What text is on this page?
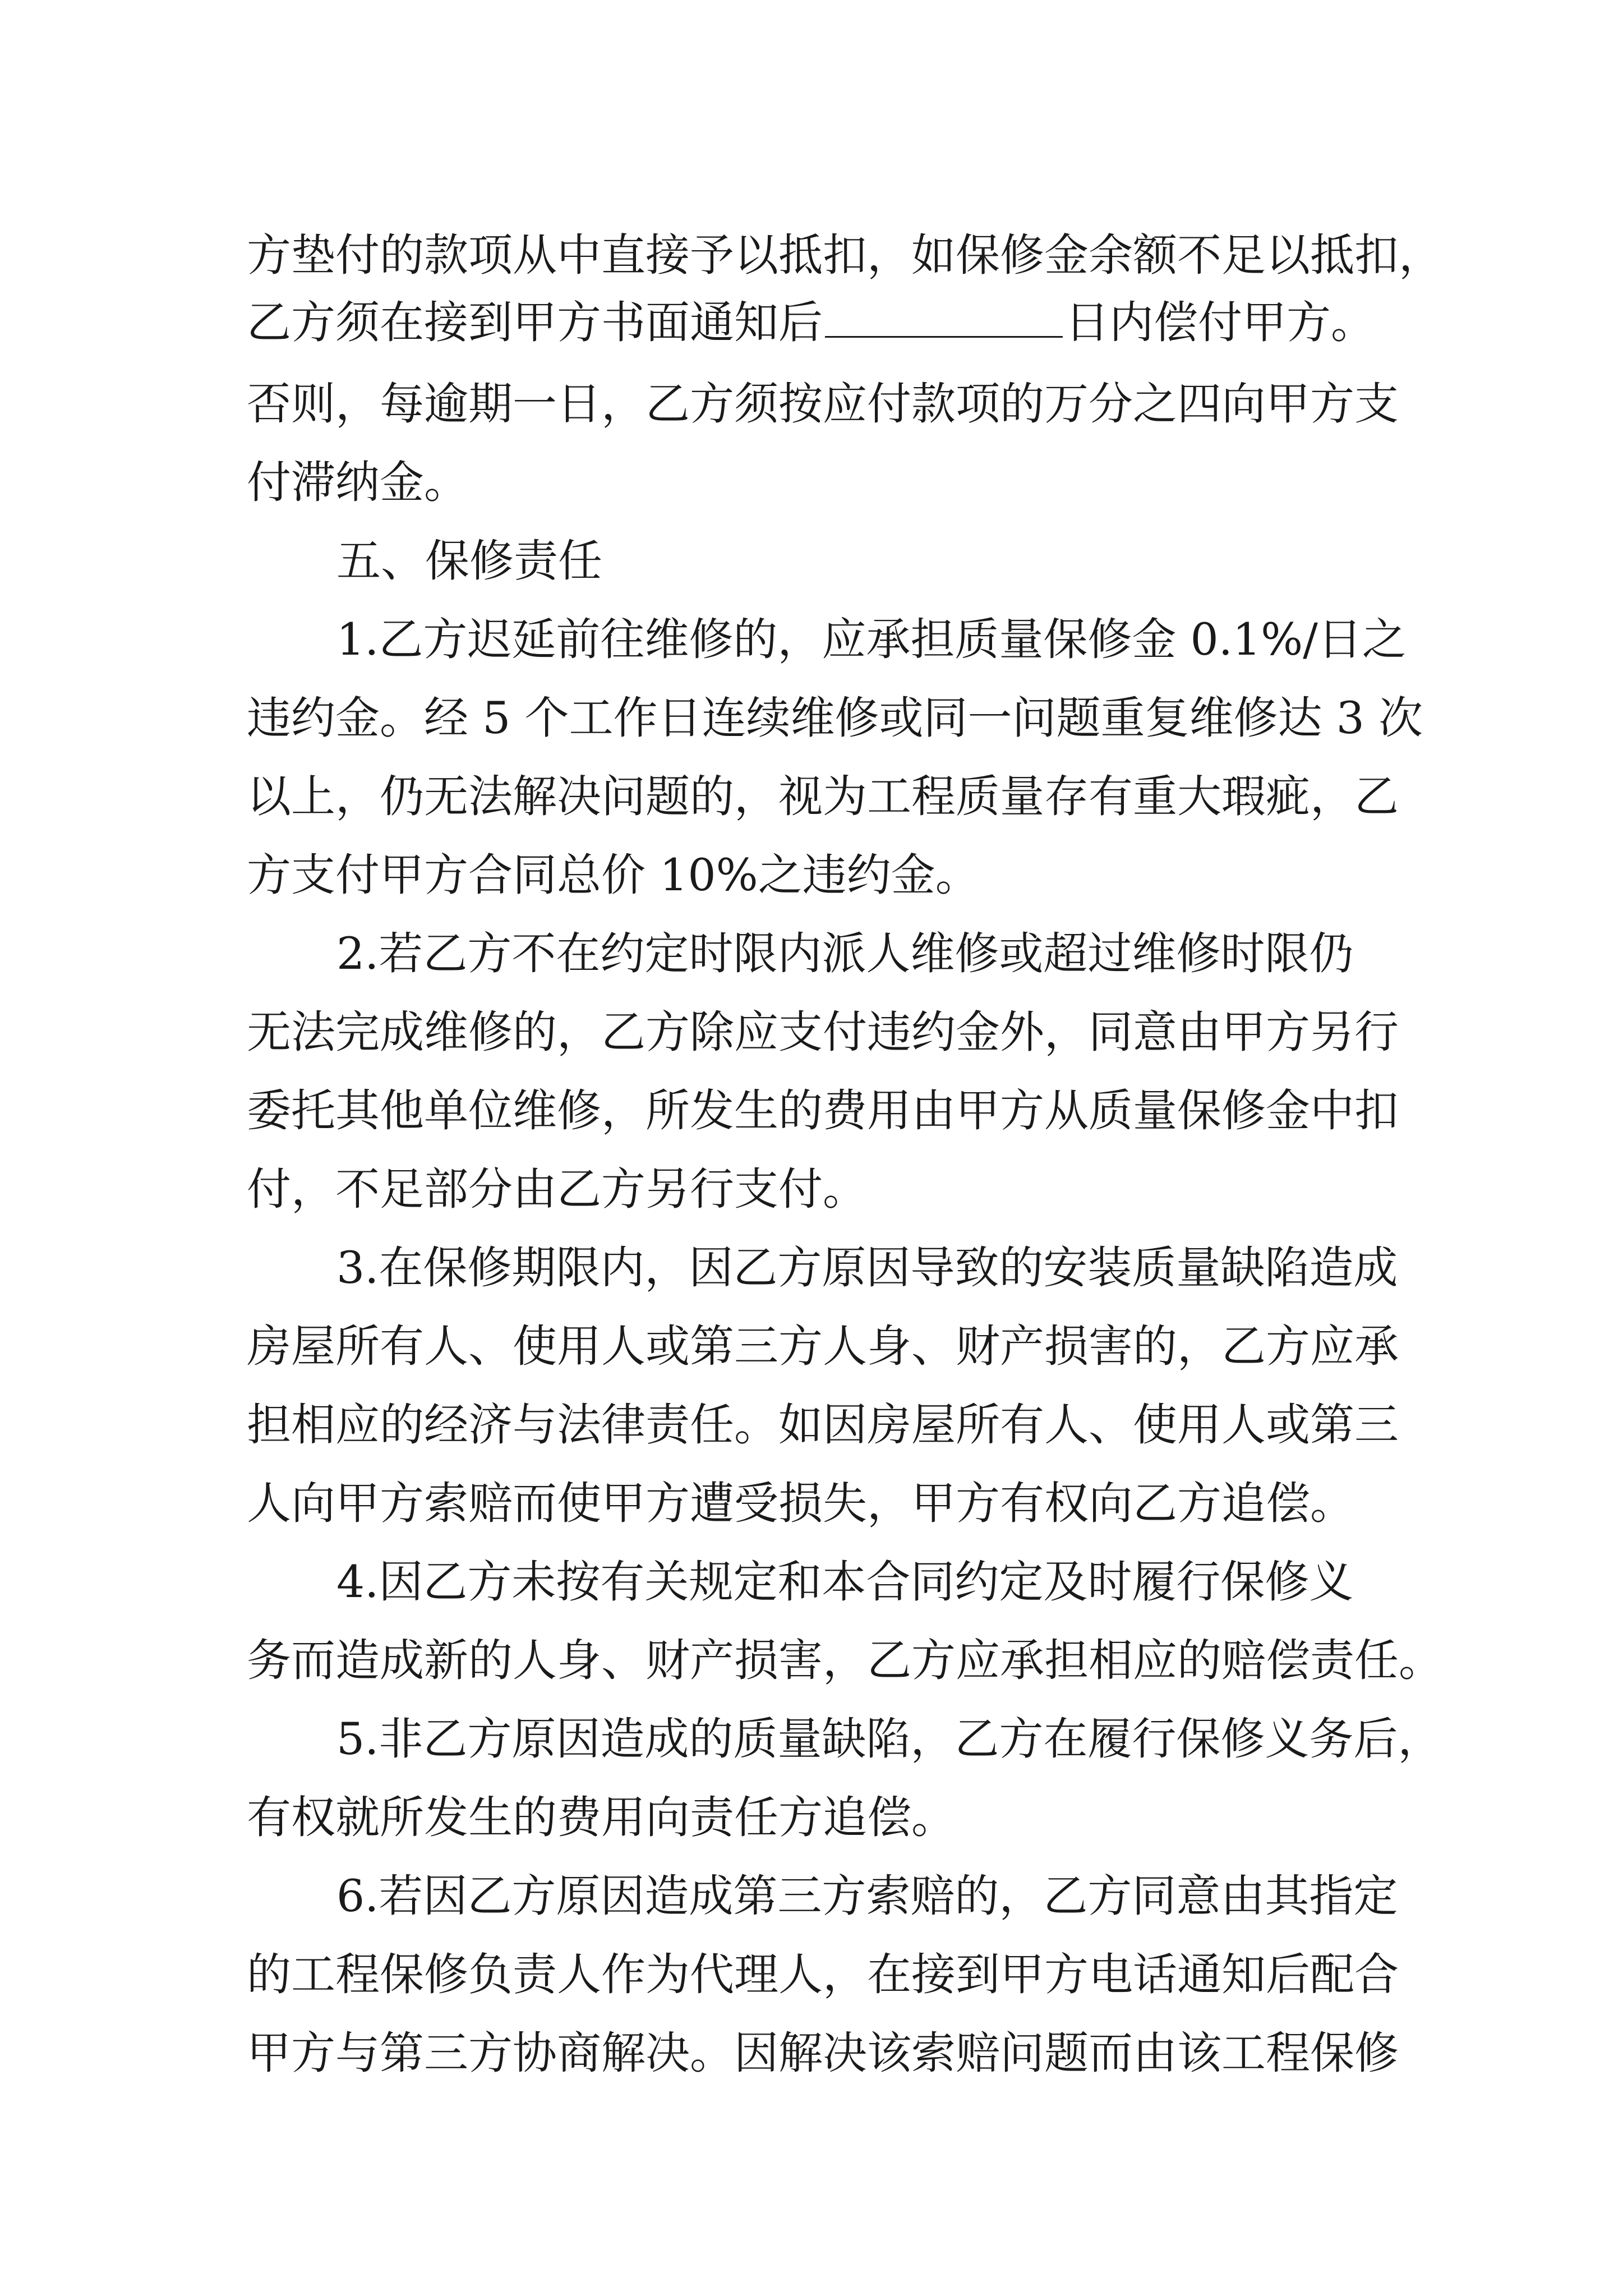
方垫付的款项从中直接予以抵扣，如保修金余额不足以抵扣，
乙方须在接到甲方书面通知后	日内偿付甲方。
否则，每逾期一日，乙方须按应付款项的万分之四向甲方支
付滞纳金。
五、保修责任
1.乙方迟延前往维修的，应承担质量保修金 0.1%/日之
违约金。经 5 个工作日连续维修或同一问题重复维修达 3 次
以上，仍无法解决问题的，视为工程质量存有重大瑕疵，乙
方支付甲方合同总价 10%之违约金。
2.若乙方不在约定时限内派人维修或超过维修时限仍
无法完成维修的，乙方除应支付违约金外，同意由甲方另行
委托其他单位维修，所发生的费用由甲方从质量保修金中扣
付，不足部分由乙方另行支付。
3.在保修期限内，因乙方原因导致的安装质量缺陷造成
房屋所有人、使用人或第三方人身、财产损害的，乙方应承
担相应的经济与法律责任。如因房屋所有人、使用人或第三
人向甲方索赔而使甲方遭受损失，甲方有权向乙方追偿。
4.因乙方未按有关规定和本合同约定及时履行保修义
务而造成新的人身、财产损害，乙方应承担相应的赔偿责任。
5.非乙方原因造成的质量缺陷，乙方在履行保修义务后，
有权就所发生的费用向责任方追偿。
6.若因乙方原因造成第三方索赔的，乙方同意由其指定
的工程保修负责人作为代理人，在接到甲方电话通知后配合
甲方与第三方协商解决。因解决该索赔问题而由该工程保修
